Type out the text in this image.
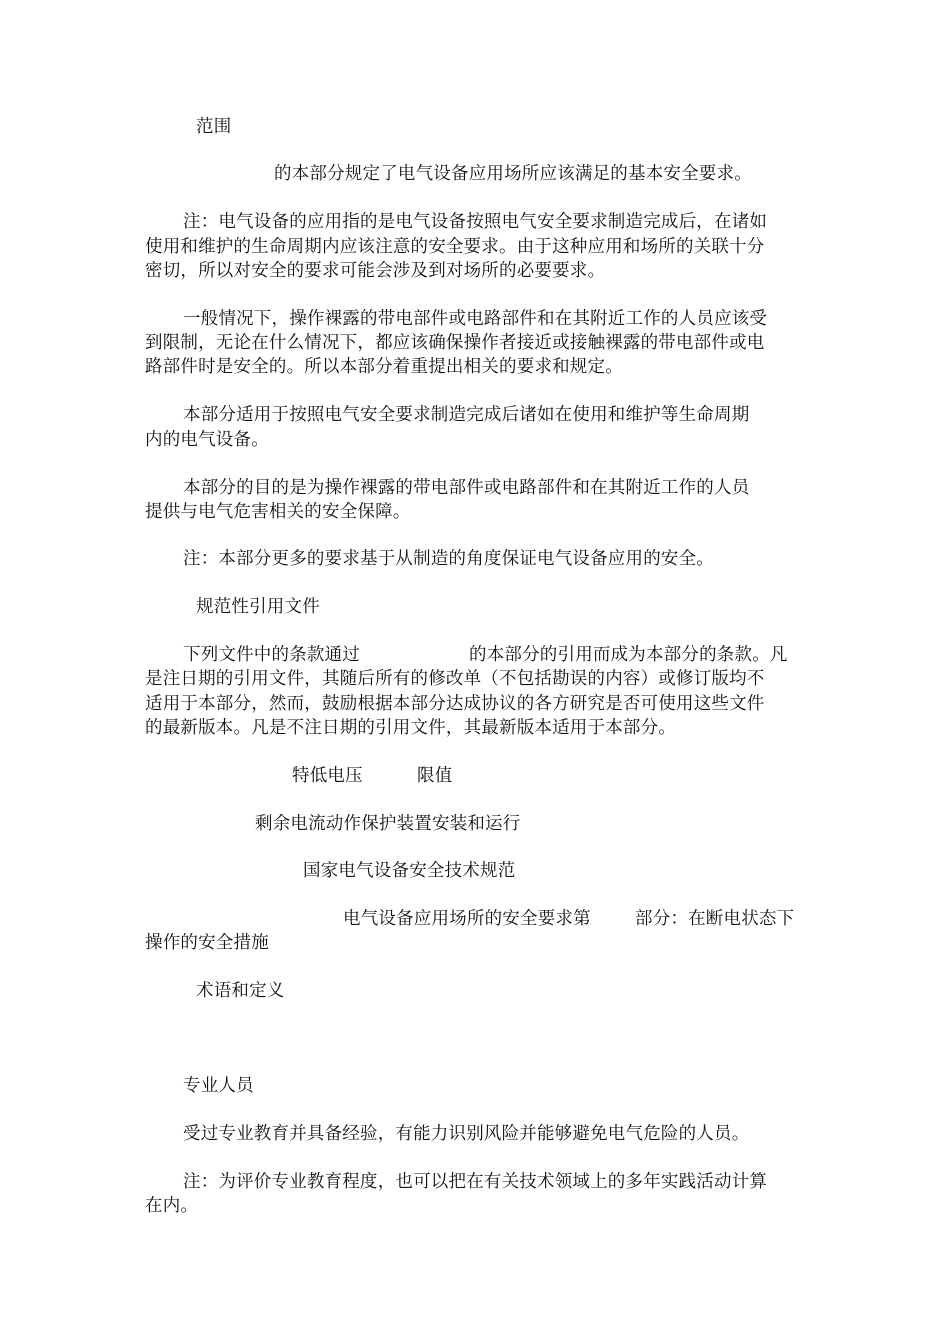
范围
的本部分规定了电气设备应用场所应该满足的基本安全要求。
注：电气设备的应用指的是电气设备按照电气安全要求制造完成后，在诸如
使用和维护的生命周期内应该注意的安全要求。由于这种应用和场所的关联十分
密切，所以对安全的要求可能会涉及到对场所的必要要求。
一般情况下，操作裸露的带电部件或电路部件和在其附近工作的人员应该受
到限制，无论在什么情况下，都应该确保操作者接近或接触裸露的带电部件或电
路部件时是安全的。所以本部分着重提出相关的要求和规定。
本部分适用于按照电气安全要求制造完成后诸如在使用和维护等生命周期
内的电气设备。
本部分的目的是为操作裸露的带电部件或电路部件和在其附近工作的人员
提供与电气危害相关的安全保障。
注：本部分更多的要求基于从制造的角度保证电气设备应用的安全。
规范性引用文件
下列文件中的条款通过	的本部分的引用而成为本部分的条款。凡
是注日期的引用文件，其随后所有的修改单（不包括勘误的内容）或修订版均不
适用于本部分，然而，鼓励根据本部分达成协议的各方研究是否可使用这些文件
的最新版本。凡是不注日期的引用文件，其最新版本适用于本部分。
特低电压	限值
剩余电流动作保护装置安装和运行
国家电气设备安全技术规范
电气设备应用场所的安全要求第	部分：在断电状态下
操作的安全措施
术语和定义
专业人员
受过专业教育并具备经验，有能力识别风险并能够避免电气危险的人员。
注：为评价专业教育程度，也可以把在有关技术领域上的多年实践活动计算
在内。
